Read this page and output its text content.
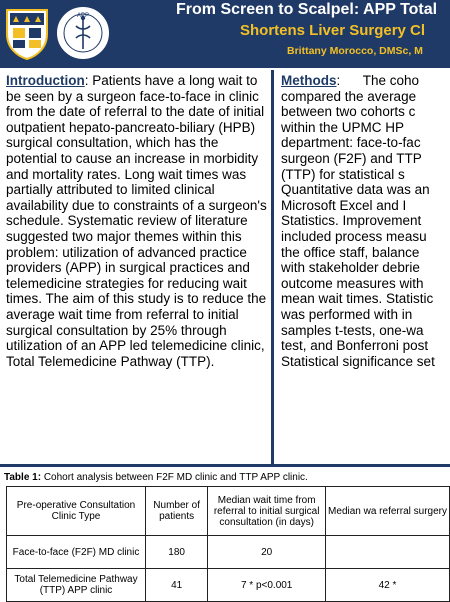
APP	From Screen to Scalpel: APP Total
Shortens Liver Surgery Cl
Brittany Morocco, DMSc, M
Introduction: Patients have a long wait to be seen by a surgeon face-to-face in clinic from the date of referral to the date of initial outpatient hepato-pancreato-biliary (HPB) surgical consultation, which has the potential to cause an increase in morbidity and mortality rates. Long wait times was partially attributed to limited clinical availability due to constraints of a surgeon's schedule. Systematic review of literature suggested two major themes within this problem: utilization of advanced practice providers (APP) in surgical practices and telemedicine strategies for reducing wait times. The aim of this study is to reduce the average wait time from referral to initial surgical consultation by 25% through utilization of an APP led telemedicine clinic, Total Telemedicine Pathway (TTP).
Methods:      The coho
compared the average
between two cohorts c
within the UPMC HP
department: face-to-fac
surgeon (F2F) and TTP
(TTP) for statistical s
Quantitative data was an
Microsoft Excel and I
Statistics. Improvement
included process measu
the office staff, balance
with stakeholder debrie
outcome measures with
mean wait times. Statistic
was performed with in
samples t-tests, one-wa
test, and Bonferroni post
Statistical significance set
Table 1: Cohort analysis between F2F MD clinic and TTP APP clinic.
Pre-operative Consultation Clinic Type	Number of patients	Median wait time from referral to initial surgical consultation (in days)	Median wa referral surgery

Face-to-face (F2F) MD clinic	180	20	
Total Telemedicine Pathway (TTP) APP clinic	41	7 * p<0.001	42 *
